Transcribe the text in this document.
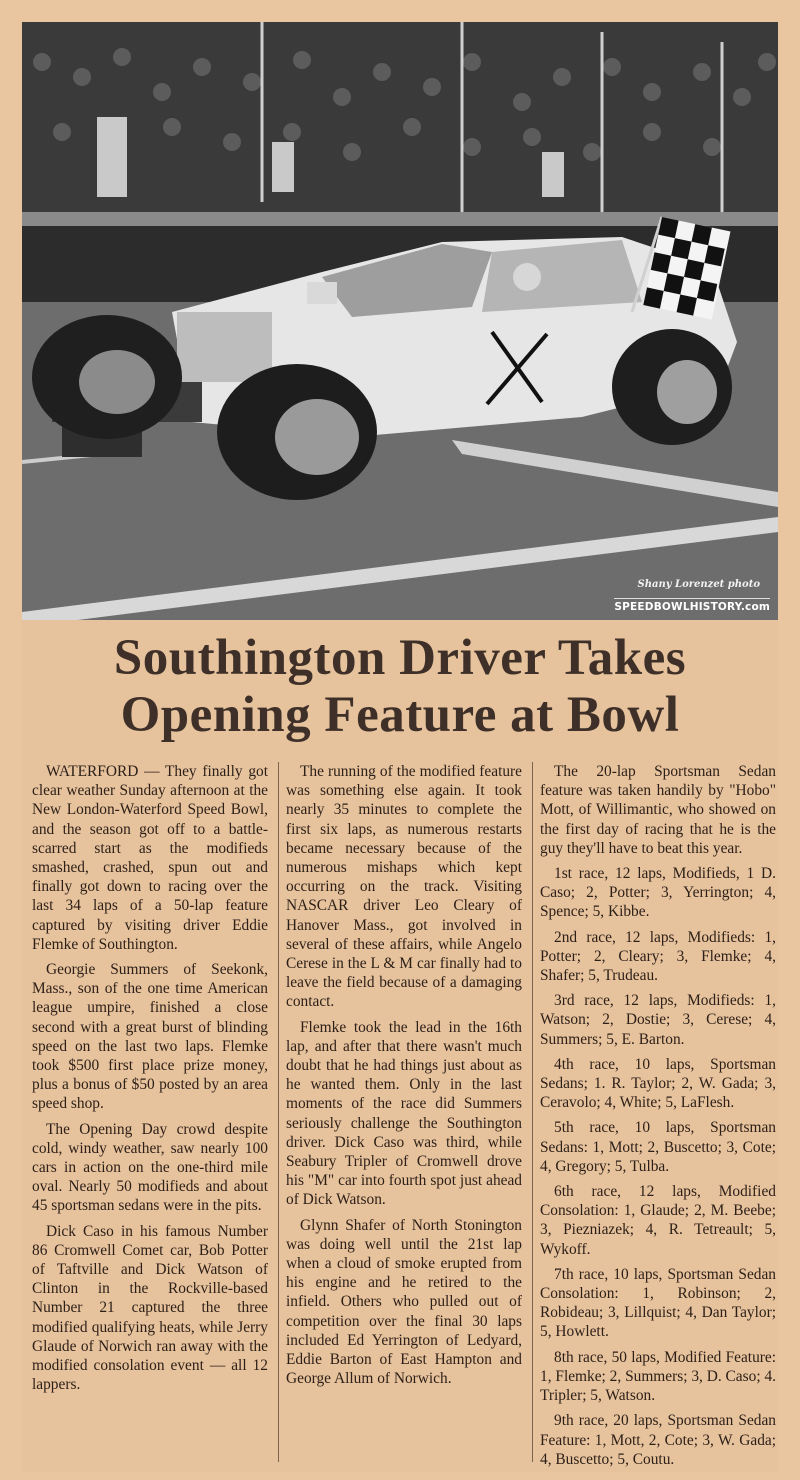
Shany Lorenzet photo
SPEEDBOWLHISTORY.com
Southington Driver Takes
Opening Feature at Bowl

WATERFORD — They finally got clear weather Sunday afternoon at the New London-Waterford Speed Bowl, and the season got off to a battle-scarred start as the modifieds smashed, crashed, spun out and finally got down to racing over the last 34 laps of a 50-lap feature captured by visiting driver Eddie Flemke of Southington.

Georgie Summers of Seekonk, Mass., son of the one time American league umpire, finished a close second with a great burst of blinding speed on the last two laps. Flemke took $500 first place prize money, plus a bonus of $50 posted by an area speed shop.

The Opening Day crowd despite cold, windy weather, saw nearly 100 cars in action on the one-third mile oval. Nearly 50 modifieds and about 45 sportsman sedans were in the pits.

Dick Caso in his famous Number 86 Cromwell Comet car, Bob Potter of Taftville and Dick Watson of Clinton in the Rockville-based Number 21 captured the three modified qualifying heats, while Jerry Glaude of Norwich ran away with the modified consolation event — all 12 lappers.

The running of the modified feature was something else again. It took nearly 35 minutes to complete the first six laps, as numerous restarts became necessary because of the numerous mishaps which kept occurring on the track. Visiting NASCAR driver Leo Cleary of Hanover Mass., got involved in several of these affairs, while Angelo Cerese in the L & M car finally had to leave the field because of a damaging contact.

Flemke took the lead in the 16th lap, and after that there wasn't much doubt that he had things just about as he wanted them. Only in the last moments of the race did Summers seriously challenge the Southington driver. Dick Caso was third, while Seabury Tripler of Cromwell drove his "M" car into fourth spot just ahead of Dick Watson.

Glynn Shafer of North Stonington was doing well until the 21st lap when a cloud of smoke erupted from his engine and he retired to the infield. Others who pulled out of competition over the final 30 laps included Ed Yerrington of Ledyard, Eddie Barton of East Hampton and George Allum of Norwich.

The 20-lap Sportsman Sedan feature was taken handily by "Hobo" Mott, of Willimantic, who showed on the first day of racing that he is the guy they'll have to beat this year.

1st race, 12 laps, Modifieds, 1 D. Caso; 2, Potter; 3, Yerrington; 4, Spence; 5, Kibbe.

2nd race, 12 laps, Modifieds: 1, Potter; 2, Cleary; 3, Flemke; 4, Shafer; 5, Trudeau.

3rd race, 12 laps, Modifieds: 1, Watson; 2, Dostie; 3, Cerese; 4, Summers; 5, E. Barton.

4th race, 10 laps, Sportsman Sedans; 1. R. Taylor; 2, W. Gada; 3, Ceravolo; 4, White; 5, LaFlesh.

5th race, 10 laps, Sportsman Sedans: 1, Mott; 2, Buscetto; 3, Cote; 4, Gregory; 5, Tulba.

6th race, 12 laps, Modified Consolation: 1, Glaude; 2, M. Beebe; 3, Piezniazek; 4, R. Tetreault; 5, Wykoff.

7th race, 10 laps, Sportsman Sedan Consolation: 1, Robinson; 2, Robideau; 3, Lillquist; 4, Dan Taylor; 5, Howlett.

8th race, 50 laps, Modified Feature: 1, Flemke; 2, Summers; 3, D. Caso; 4. Tripler; 5, Watson.

9th race, 20 laps, Sportsman Sedan Feature: 1, Mott, 2, Cote; 3, W. Gada; 4, Buscetto; 5, Coutu.
